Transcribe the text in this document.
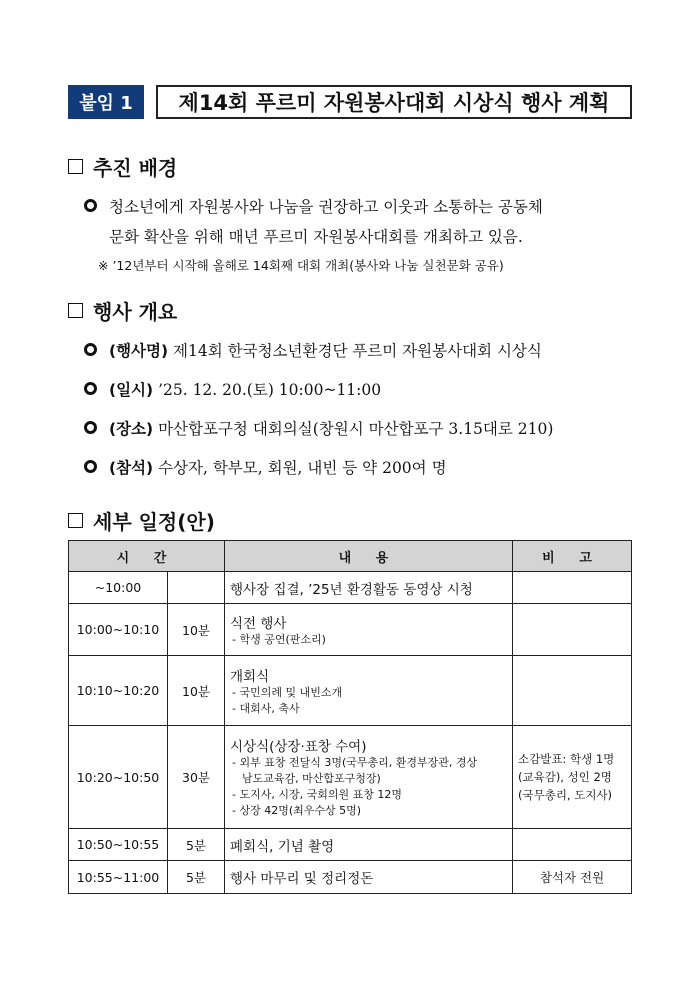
붙임 1	제14회 푸르미 자원봉사대회 시상식 행사 계획
추진 배경
청소년에게 자원봉사와 나눔을 권장하고 이웃과 소통하는 공동체
문화 확산을 위해 매년 푸르미 자원봉사대회를 개최하고 있음.
※ ’12년부터 시작해 올해로 14회째 대회 개최(봉사와 나눔 실천문화 공유)
행사 개요
(행사명)
제14회 한국청소년환경단 푸르미 자원봉사대회 시상식
(일시)
’25. 12. 20.(토) 10:00~11:00
(장소)
마산합포구청 대회의실(창원시 마산합포구 3.15대로 210)
(참석)
수상자, 학부모, 회원, 내빈 등 약 200여 명
세부 일정(안)
시 간		내 용	비 고
~10:00		행사장 집결, ’25년 환경활동 동영상 시청	

10:00~10:10	10분	식전 행사
- 학생 공연(판소리)	

10:10~10:20	10분	개회식
- 국민의례 및 내빈소개
- 대회사, 축사	

10:20~10:50	30분	시상식(상장·표창 수여)
- 외부 표창 전달식 3명(국무총리, 환경부장관, 경상
남도교육감, 마산합포구청장)
- 도지사, 시장, 국회의원 표창 12명
- 상장 42명(최우수상 5명)	소감발표: 학생 1명 (교육감), 성인 2명 (국무총리, 도지사)
10:50~10:55	5분	폐회식, 기념 촬영	

10:55~11:00	5분	행사 마무리 및 정리정돈	참석자 전원
